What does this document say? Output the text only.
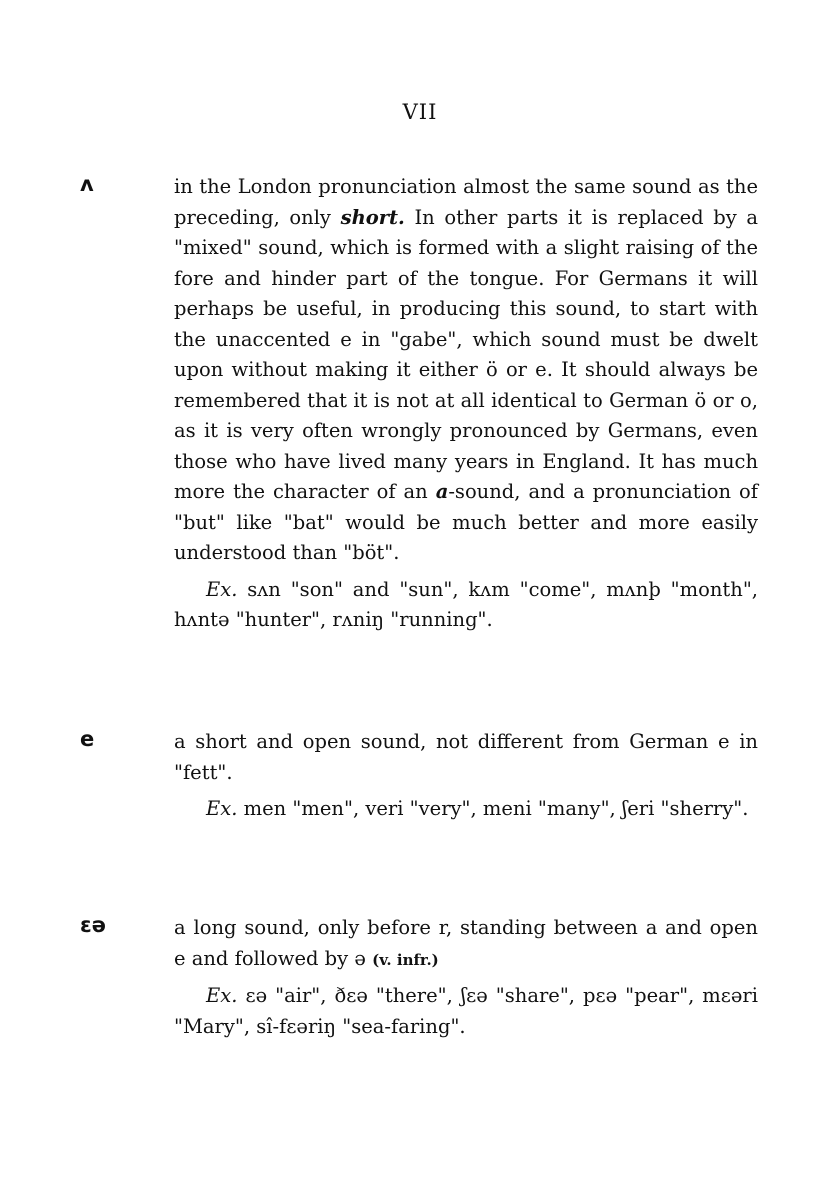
VII
ʌ	in the London pronunciation almost the same sound as the preceding, only short. In other parts it is replaced by a "mixed" sound, which is formed with a slight raising of the fore and hinder part of the tongue. For Germans it will perhaps be useful, in producing this sound, to start with the unaccented e in "gabe", which sound must be dwelt upon without making it either ö or e. It should always be remembered that it is not at all identical to German ö or o, as it is very often wrongly pronounced by Germans, even those who have lived many years in England. It has much more the character of an a-sound, and a pronunciation of "but" like "bat" would be much better and more easily understood than "böt".

Ex. sʌn "son" and "sun", kʌm "come", mʌnþ "month", hʌntə "hunter", rʌniŋ "running".

e	a short and open sound, not different from German e in "fett".

Ex. men "men", veri "very", meni "many", ʃeri "sherry".

ɛə	a long sound, only before r, standing between a and open e and followed by ə (v. infr.)

Ex. ɛə "air", ðɛə "there", ʃɛə "share", pɛə "pear", mɛəri "Mary", sî-fɛəriŋ "sea-faring".
